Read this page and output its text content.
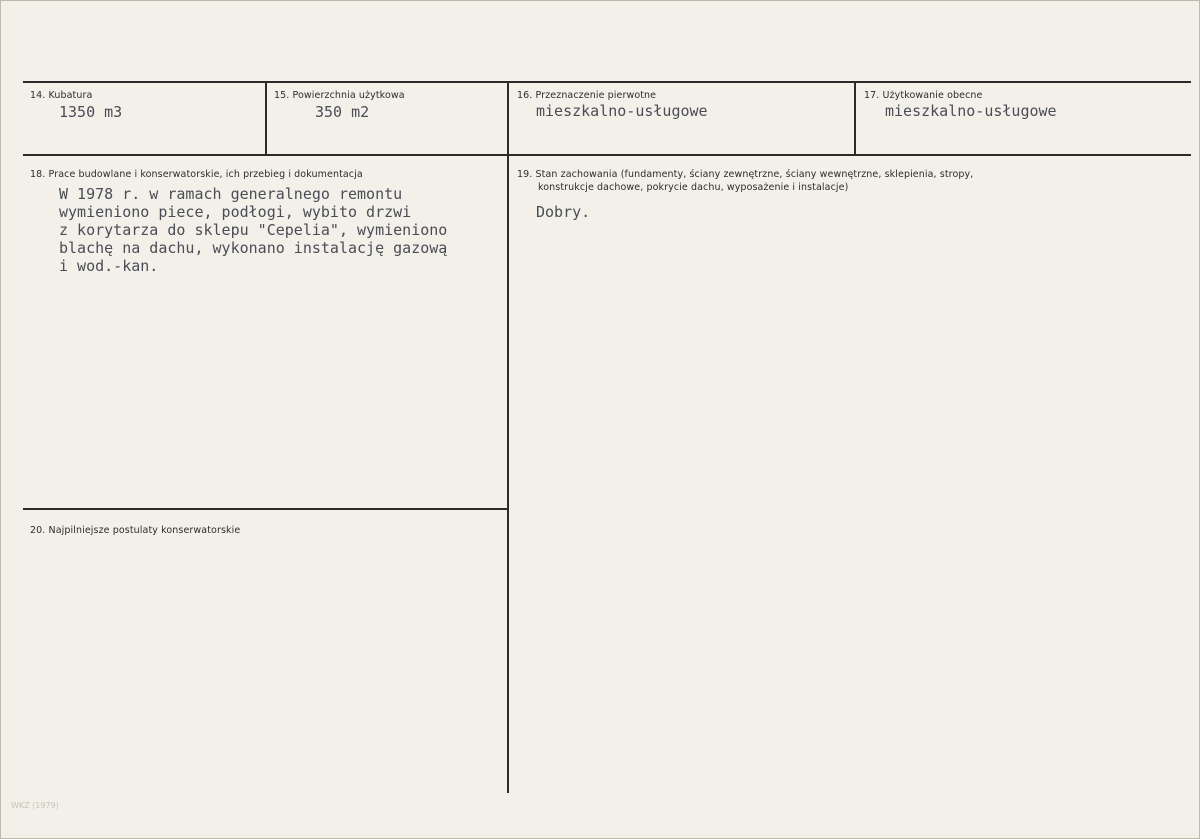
14. Kubatura
1350 m3
15. Powierzchnia użytkowa
350 m2
16. Przeznaczenie pierwotne
mieszkalno-usługowe
17. Użytkowanie obecne
mieszkalno-usługowe
18. Prace budowlane i konserwatorskie, ich przebieg i dokumentacja
W 1978 r. w ramach generalnego remontu
wymieniono piece, podłogi, wybito drzwi
z korytarza do sklepu "Cepelia", wymieniono
blachę na dachu, wykonano instalację gazową
i wod.-kan.
19. Stan zachowania (fundamenty, ściany zewnętrzne, ściany wewnętrzne, sklepienia, stropy,
konstrukcje dachowe, pokrycie dachu, wyposażenie i instalacje)
Dobry.
20. Najpilniejsze postulaty konserwatorskie
WKZ (1979)
